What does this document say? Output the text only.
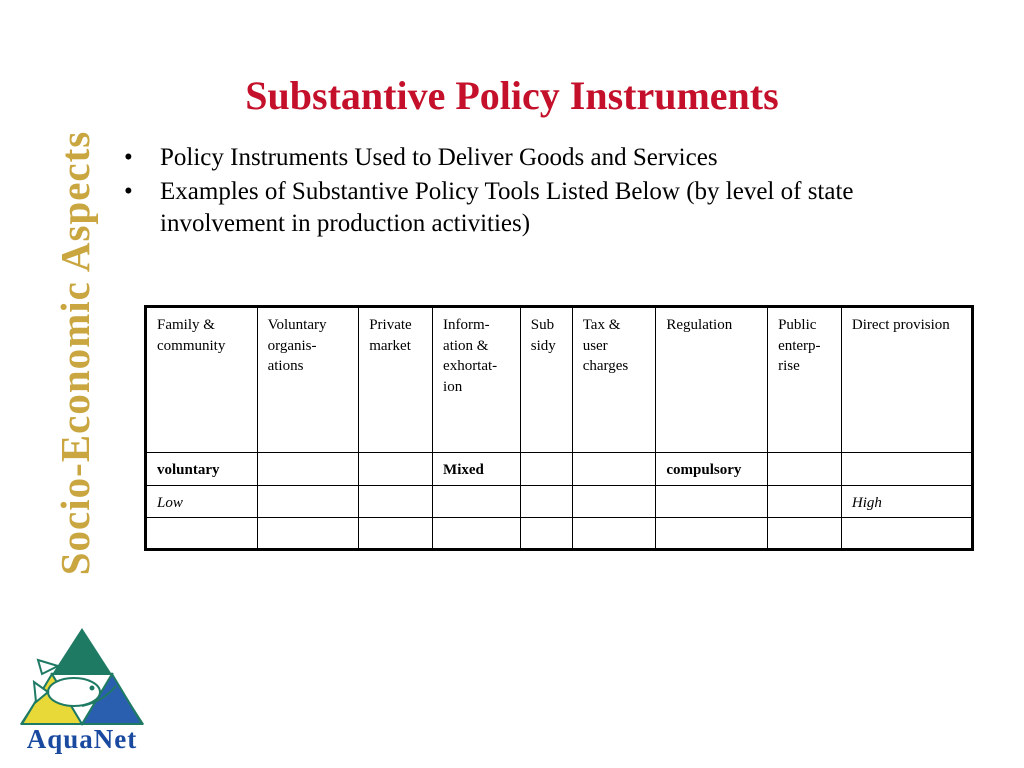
Socio-Economic Aspects
Substantive Policy Instruments
• Policy Instruments Used to Deliver Goods and Services
• Examples of Substantive Policy Tools Listed Below (by level of state involvement in production activities)
Family & community	Voluntary organis-ations	Private market	Inform-ation & exhortat-ion	Sub sidy	Tax & user charges	Regulation	Public enterp-rise	Direct provision
voluntary			Mixed			compulsory		
Low								High

AquaNet
